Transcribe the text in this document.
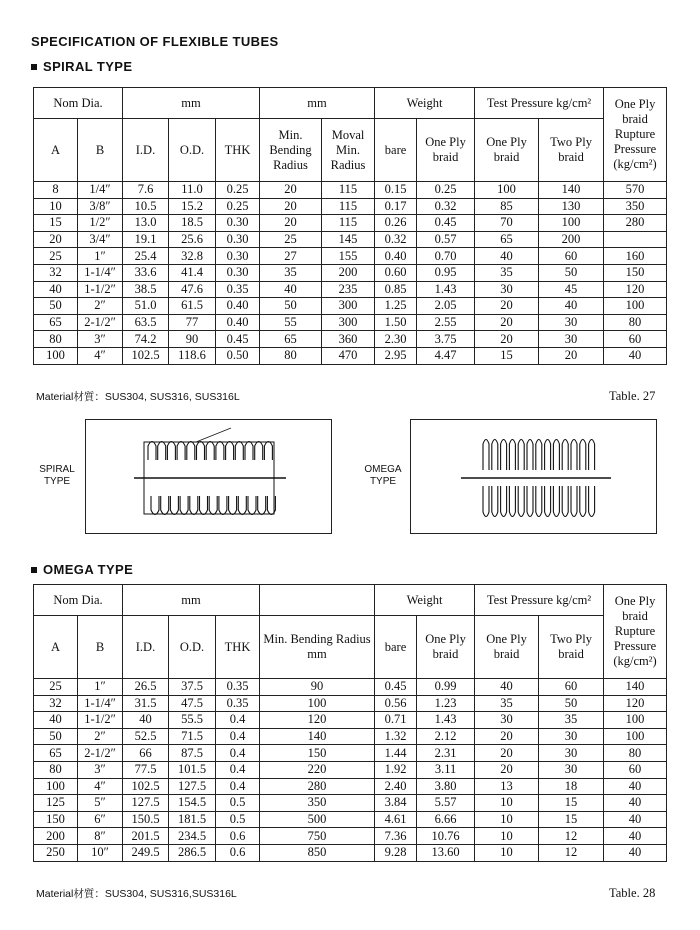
SPECIFICATION OF FLEXIBLE TUBES
SPIRAL TYPE
Nom Dia.		mm			mm		Weight		Test Pressure kg/cm²		One Ply braid Rupture Pressure (kg/cm²)
A	B	I.D.	O.D.	THK	Min. Bending Radius	Moval Min. Radius	bare	One Ply braid	One Ply braid	Two Ply braid	
8	1/4″	7.6	11.0	0.25	20	115	0.15	0.25	100	140	570
10	3/8″	10.5	15.2	0.25	20	115	0.17	0.32	85	130	350
15	1/2″	13.0	18.5	0.30	20	115	0.26	0.45	70	100	280
20	3/4″	19.1	25.6	0.30	25	145	0.32	0.57	65	200	
25	1″	25.4	32.8	0.30	27	155	0.40	0.70	40	60	160
32	1-1/4″	33.6	41.4	0.30	35	200	0.60	0.95	35	50	150
40	1-1/2″	38.5	47.6	0.35	40	235	0.85	1.43	30	45	120
50	2″	51.0	61.5	0.40	50	300	1.25	2.05	20	40	100
65	2-1/2″	63.5	77	0.40	55	300	1.50	2.55	20	30	80
80	3″	74.2	90	0.45	65	360	2.30	3.75	20	30	60
100	4″	102.5	118.6	0.50	80	470	2.95	4.47	15	20	40
Material材質：SUS304, SUS316, SUS316L	Table. 27
SPIRAL TYPE
OMEGA TYPE
OMEGA TYPE
Nom Dia.		mm				Weight		Test Pressure kg/cm²		One Ply braid Rupture Pressure (kg/cm²)
A	B	I.D.	O.D.	THK	Min. Bending Radius mm	bare	One Ply braid	One Ply braid	Two Ply braid	
25	1″	26.5	37.5	0.35	90	0.45	0.99	40	60	140
32	1-1/4″	31.5	47.5	0.35	100	0.56	1.23	35	50	120
40	1-1/2″	40	55.5	0.4	120	0.71	1.43	30	35	100
50	2″	52.5	71.5	0.4	140	1.32	2.12	20	30	100
65	2-1/2″	66	87.5	0.4	150	1.44	2.31	20	30	80
80	3″	77.5	101.5	0.4	220	1.92	3.11	20	30	60
100	4″	102.5	127.5	0.4	280	2.40	3.80	13	18	40
125	5″	127.5	154.5	0.5	350	3.84	5.57	10	15	40
150	6″	150.5	181.5	0.5	500	4.61	6.66	10	15	40
200	8″	201.5	234.5	0.6	750	7.36	10.76	10	12	40
250	10″	249.5	286.5	0.6	850	9.28	13.60	10	12	40
Material材質：SUS304, SUS316,SUS316L	Table. 28
